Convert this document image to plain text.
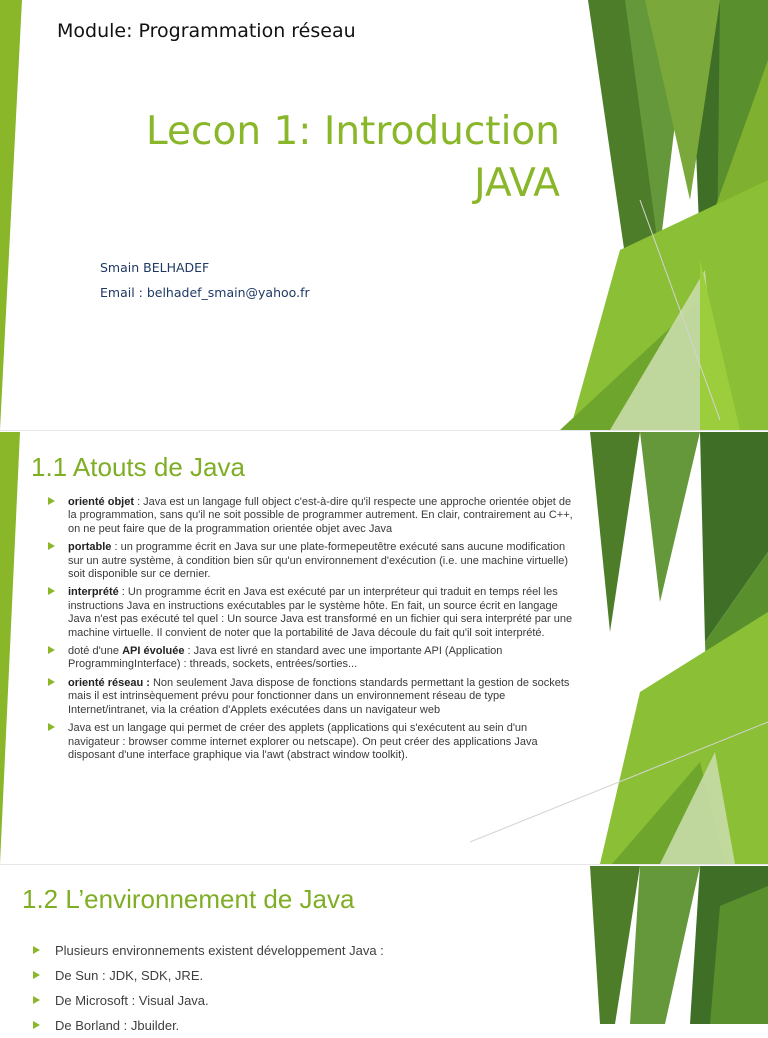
Module: Programmation réseau
Lecon 1: Introduction
JAVA
Smain BELHADEF
Email : belhadef_smain@yahoo.fr
1.1 Atouts de Java
orienté objet : Java est un langage full object c'est-à-dire qu'il respecte une approche orientée objet de la programmation, sans qu'il ne soit possible de programmer autrement. En clair, contrairement au C++, on ne peut faire que de la programmation orientée objet avec Java
portable : un programme écrit en Java sur une plate-formepeutêtre exécuté sans aucune modification sur un autre système, à condition bien sûr qu'un environnement d'exécution (i.e. une machine virtuelle) soit disponible sur ce dernier.
interprété : Un programme écrit en Java est exécuté par un interpréteur qui traduit en temps réel les instructions Java en instructions exécutables par le système hôte. En fait, un source écrit en langage Java n'est pas exécuté tel quel : Un source Java est transformé en un fichier qui sera interprété par une machine virtuelle. Il convient de noter que la portabilité de Java découle du fait qu'il soit interprété.
doté d'une API évoluée : Java est livré en standard avec une importante API (Application ProgrammingInterface) : threads, sockets, entrées/sorties...
orienté réseau : Non seulement Java dispose de fonctions standards permettant la gestion de sockets mais il est intrinsèquement prévu pour fonctionner dans un environnement réseau de type Internet/intranet, via la création d'Applets exécutées dans un navigateur web
Java est un langage qui permet de créer des applets (applications qui s'exécutent au sein d'un navigateur : browser comme internet explorer ou netscape). On peut créer des applications Java disposant d'une interface graphique via l'awt (abstract window toolkit).
1.2 L’environnement de Java
Plusieurs environnements existent développement Java :
De Sun : JDK, SDK, JRE.
De Microsoft : Visual Java.
De Borland : Jbuilder.
